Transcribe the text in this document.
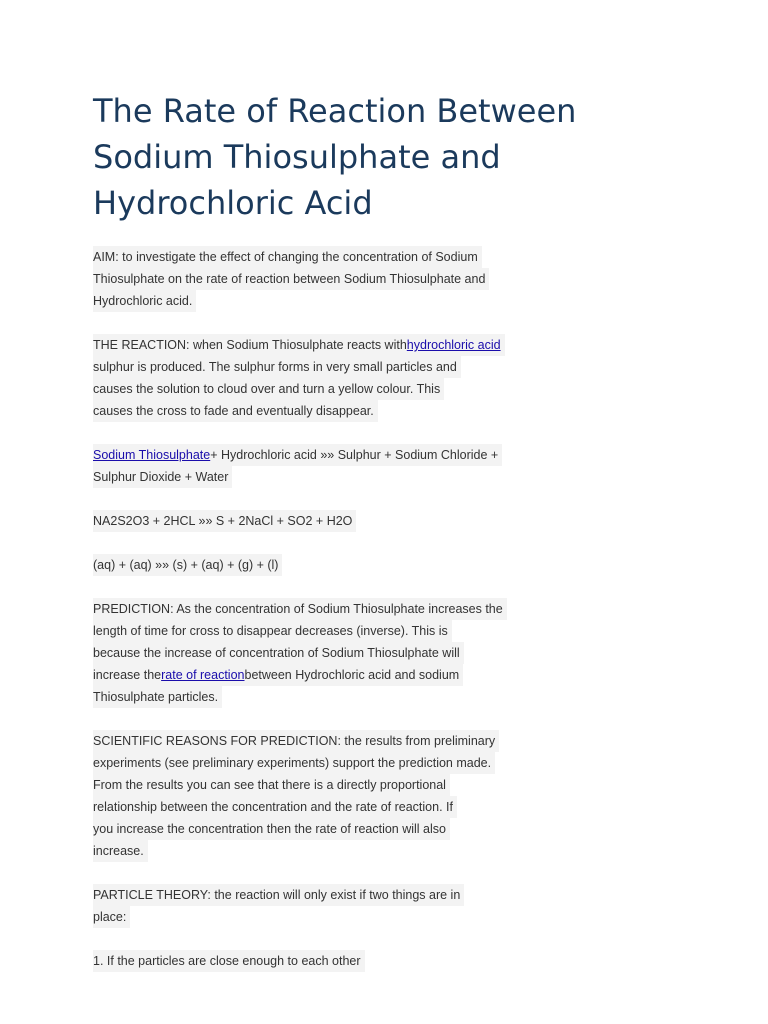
The Rate of Reaction Between
Sodium Thiosulphate and
Hydrochloric Acid
AIM: to investigate the effect of changing the concentration of Sodium
Thiosulphate on the rate of reaction between Sodium Thiosulphate and
Hydrochloric acid.
THE REACTION: when Sodium Thiosulphate reacts withhydrochloric acid
sulphur is produced. The sulphur forms in very small particles and
causes the solution to cloud over and turn a yellow colour. This
causes the cross to fade and eventually disappear.
Sodium Thiosulphate+ Hydrochloric acid »» Sulphur + Sodium Chloride +
Sulphur Dioxide + Water
NA2S2O3 + 2HCL »» S + 2NaCl + SO2 + H2O
(aq) + (aq) »» (s) + (aq) + (g) + (l)
PREDICTION: As the concentration of Sodium Thiosulphate increases the
length of time for cross to disappear decreases (inverse). This is
because the increase of concentration of Sodium Thiosulphate will
increase therate of reactionbetween Hydrochloric acid and sodium
Thiosulphate particles.
SCIENTIFIC REASONS FOR PREDICTION: the results from preliminary
experiments (see preliminary experiments) support the prediction made.
From the results you can see that there is a directly proportional
relationship between the concentration and the rate of reaction. If
you increase the concentration then the rate of reaction will also
increase.
PARTICLE THEORY: the reaction will only exist if two things are in
place:
1. If the particles are close enough to each other
